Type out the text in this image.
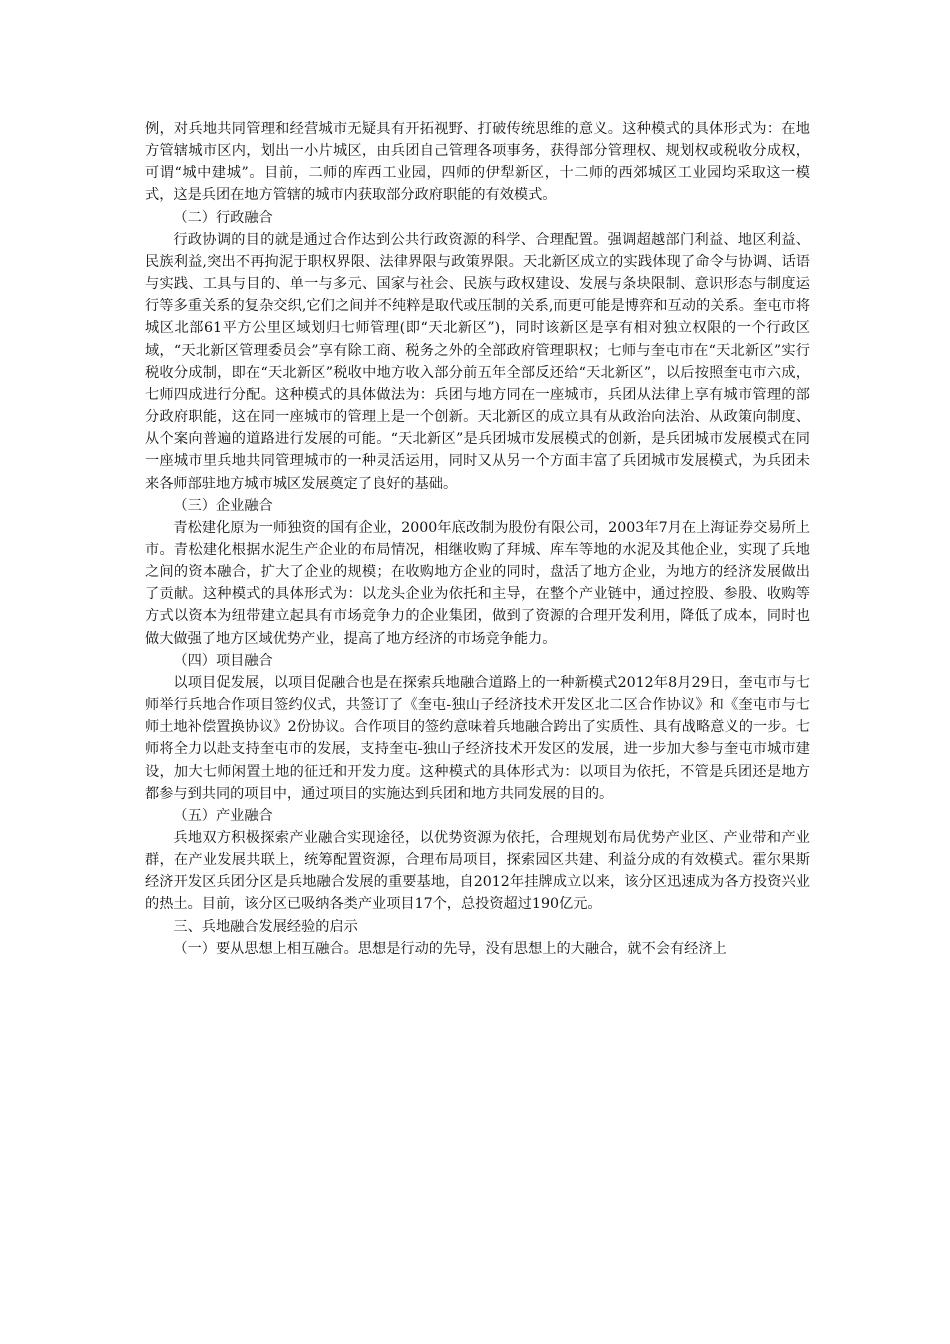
例，对兵地共同管理和经营城市无疑具有开拓视野、打破传统思维的意义。这种模式的具体形式为：在地方管辖城市区内，划出一小片城区，由兵团自己管理各项事务，获得部分管理权、规划权或税收分成权，可谓“城中建城”。目前，二师的库西工业园，四师的伊犁新区，十二师的西郊城区工业园均采取这一模式，这是兵团在地方管辖的城市内获取部分政府职能的有效模式。

（二）行政融合

行政协调的目的就是通过合作达到公共行政资源的科学、合理配置。强调超越部门利益、地区利益、民族利益,突出不再拘泥于职权界限、法律界限与政策界限。天北新区成立的实践体现了命令与协调、话语与实践、工具与目的、单一与多元、国家与社会、民族与政权建设、发展与条块限制、意识形态与制度运行等多重关系的复杂交织,它们之间并不纯粹是取代或压制的关系,而更可能是博弈和互动的关系。奎屯市将城区北部61平方公里区域划归七师管理(即“天北新区”)，同时该新区是享有相对独立权限的一个行政区域，“天北新区管理委员会”享有除工商、税务之外的全部政府管理职权；七师与奎屯市在“天北新区”实行税收分成制，即在“天北新区”税收中地方收入部分前五年全部反还给“天北新区”，以后按照奎屯市六成，七师四成进行分配。这种模式的具体做法为：兵团与地方同在一座城市，兵团从法律上享有城市管理的部分政府职能，这在同一座城市的管理上是一个创新。天北新区的成立具有从政治向法治、从政策向制度、从个案向普遍的道路进行发展的可能。“天北新区”是兵团城市发展模式的创新，是兵团城市发展模式在同一座城市里兵地共同管理城市的一种灵活运用，同时又从另一个方面丰富了兵团城市发展模式，为兵团未来各师部驻地方城市城区发展奠定了良好的基础。

（三）企业融合

青松建化原为一师独资的国有企业，2000年底改制为股份有限公司，2003年7月在上海证券交易所上市。青松建化根据水泥生产企业的布局情况，相继收购了拜城、库车等地的水泥及其他企业，实现了兵地之间的资本融合，扩大了企业的规模；在收购地方企业的同时，盘活了地方企业，为地方的经济发展做出了贡献。这种模式的具体形式为：以龙头企业为依托和主导，在整个产业链中，通过控股、参股、收购等方式以资本为纽带建立起具有市场竞争力的企业集团，做到了资源的合理开发利用，降低了成本，同时也做大做强了地方区域优势产业，提高了地方经济的市场竞争能力。

（四）项目融合

以项目促发展，以项目促融合也是在探索兵地融合道路上的一种新模式2012年8月29日，奎屯市与七师举行兵地合作项目签约仪式，共签订了《奎屯-独山子经济技术开发区北二区合作协议》和《奎屯市与七师土地补偿置换协议》2份协议。合作项目的签约意味着兵地融合跨出了实质性、具有战略意义的一步。七师将全力以赴支持奎屯市的发展，支持奎屯-独山子经济技术开发区的发展，进一步加大参与奎屯市城市建设，加大七师闲置土地的征迁和开发力度。这种模式的具体形式为：以项目为依托，不管是兵团还是地方都参与到共同的项目中，通过项目的实施达到兵团和地方共同发展的目的。

（五）产业融合

兵地双方积极探索产业融合实现途径，以优势资源为依托，合理规划布局优势产业区、产业带和产业群，在产业发展共联上，统筹配置资源，合理布局项目，探索园区共建、利益分成的有效模式。霍尔果斯经济开发区兵团分区是兵地融合发展的重要基地，自2012年挂牌成立以来，该分区迅速成为各方投资兴业的热土。目前，该分区已吸纳各类产业项目17个，总投资超过190亿元。

三、兵地融合发展经验的启示

（一）要从思想上相互融合。思想是行动的先导，没有思想上的大融合，就不会有经济上
